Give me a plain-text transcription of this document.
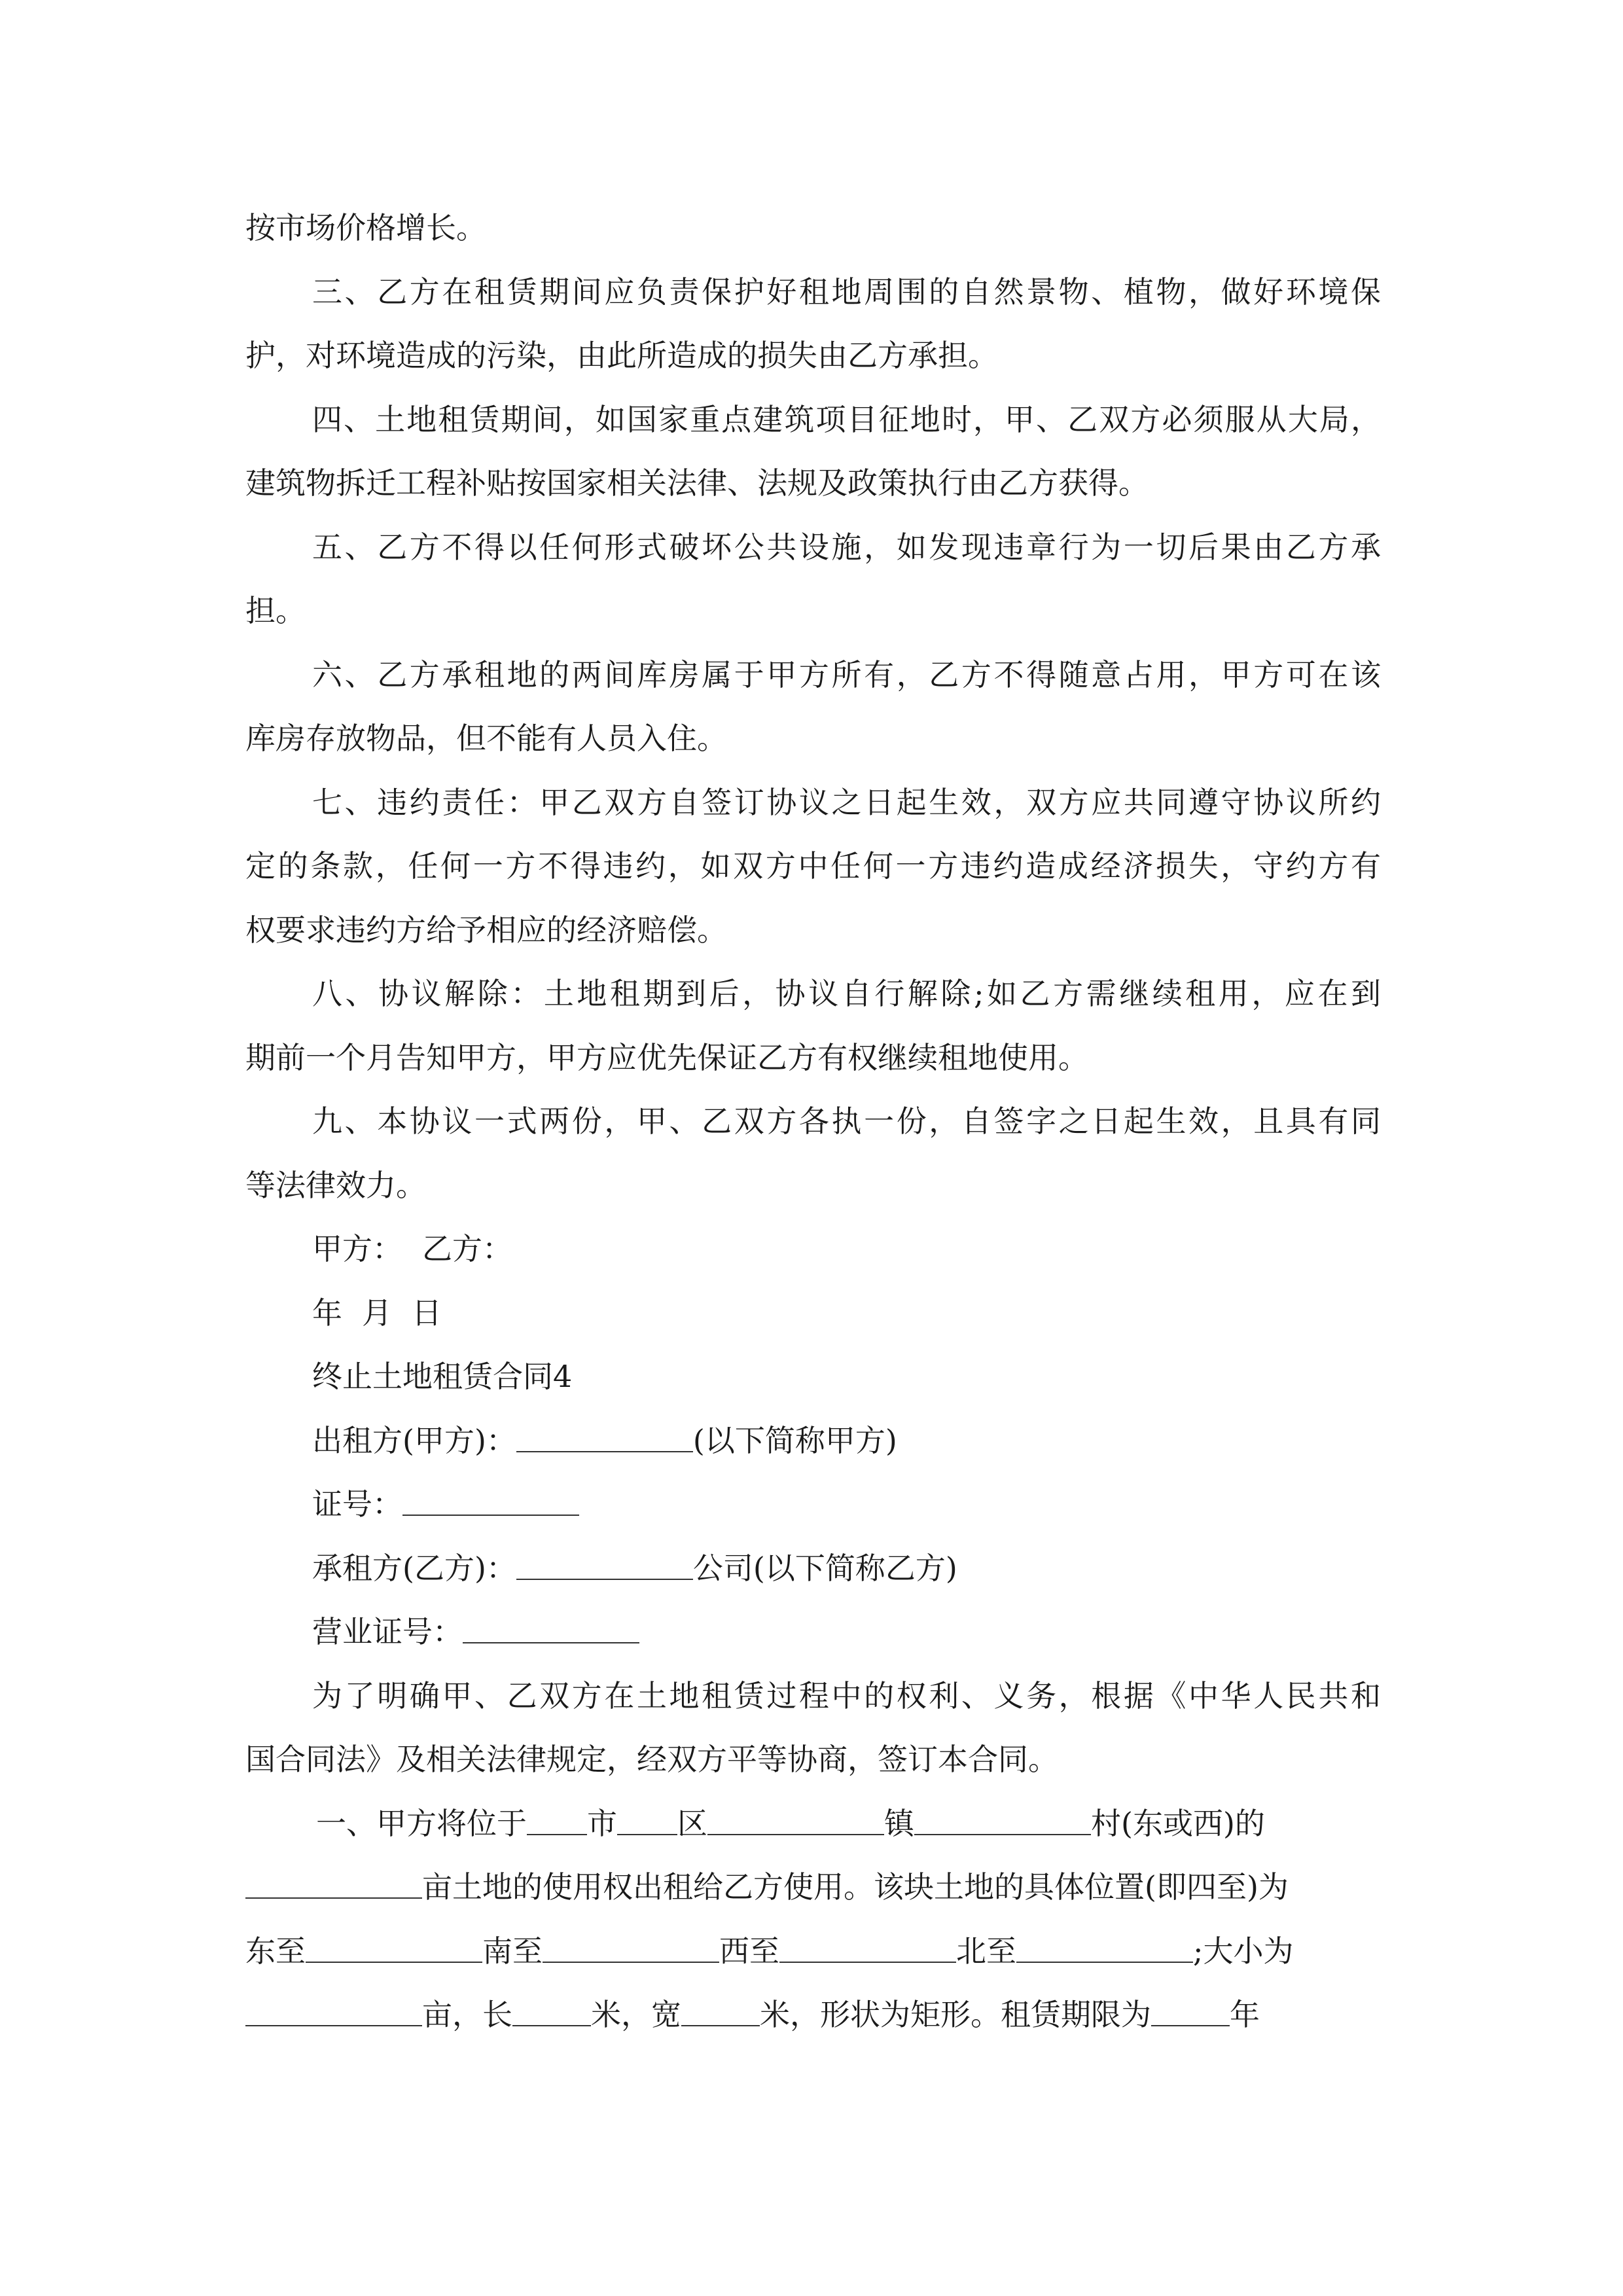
按市场价格增长。

三、乙方在租赁期间应负责保护好租地周围的自然景物、植物，做好环境保

护，对环境造成的污染，由此所造成的损失由乙方承担。

四、土地租赁期间，如国家重点建筑项目征地时，甲、乙双方必须服从大局，

建筑物拆迁工程补贴按国家相关法律、法规及政策执行由乙方获得。

五、乙方不得以任何形式破坏公共设施，如发现违章行为一切后果由乙方承

担。

六、乙方承租地的两间库房属于甲方所有，乙方不得随意占用，甲方可在该

库房存放物品，但不能有人员入住。

七、违约责任：甲乙双方自签订协议之日起生效，双方应共同遵守协议所约

定的条款，任何一方不得违约，如双方中任何一方违约造成经济损失，守约方有

权要求违约方给予相应的经济赔偿。

八、协议解除：土地租期到后，协议自行解除;如乙方需继续租用，应在到

期前一个月告知甲方，甲方应优先保证乙方有权继续租地使用。

九、本协议一式两份，甲、乙双方各执一份，自签字之日起生效，且具有同

等法律效力。

甲方： 乙方：

年 月 日

终止土地租赁合同4

出租方(甲方)：	(以下简称甲方)

证号：

承租方(乙方)：	公司(以下简称乙方)

营业证号：

为了明确甲、乙双方在土地租赁过程中的权利、义务，根据《中华人民共和

国合同法》及相关法律规定，经双方平等协商，签订本合同。

一、甲方将位于 市 区	镇	村(东或西)的

亩土地的使用权出租给乙方使用。该块土地的具体位置(即四至)为

东至	南至	西至	北至	;大小为

亩，长	米，宽	米，形状为矩形。租赁期限为	年
